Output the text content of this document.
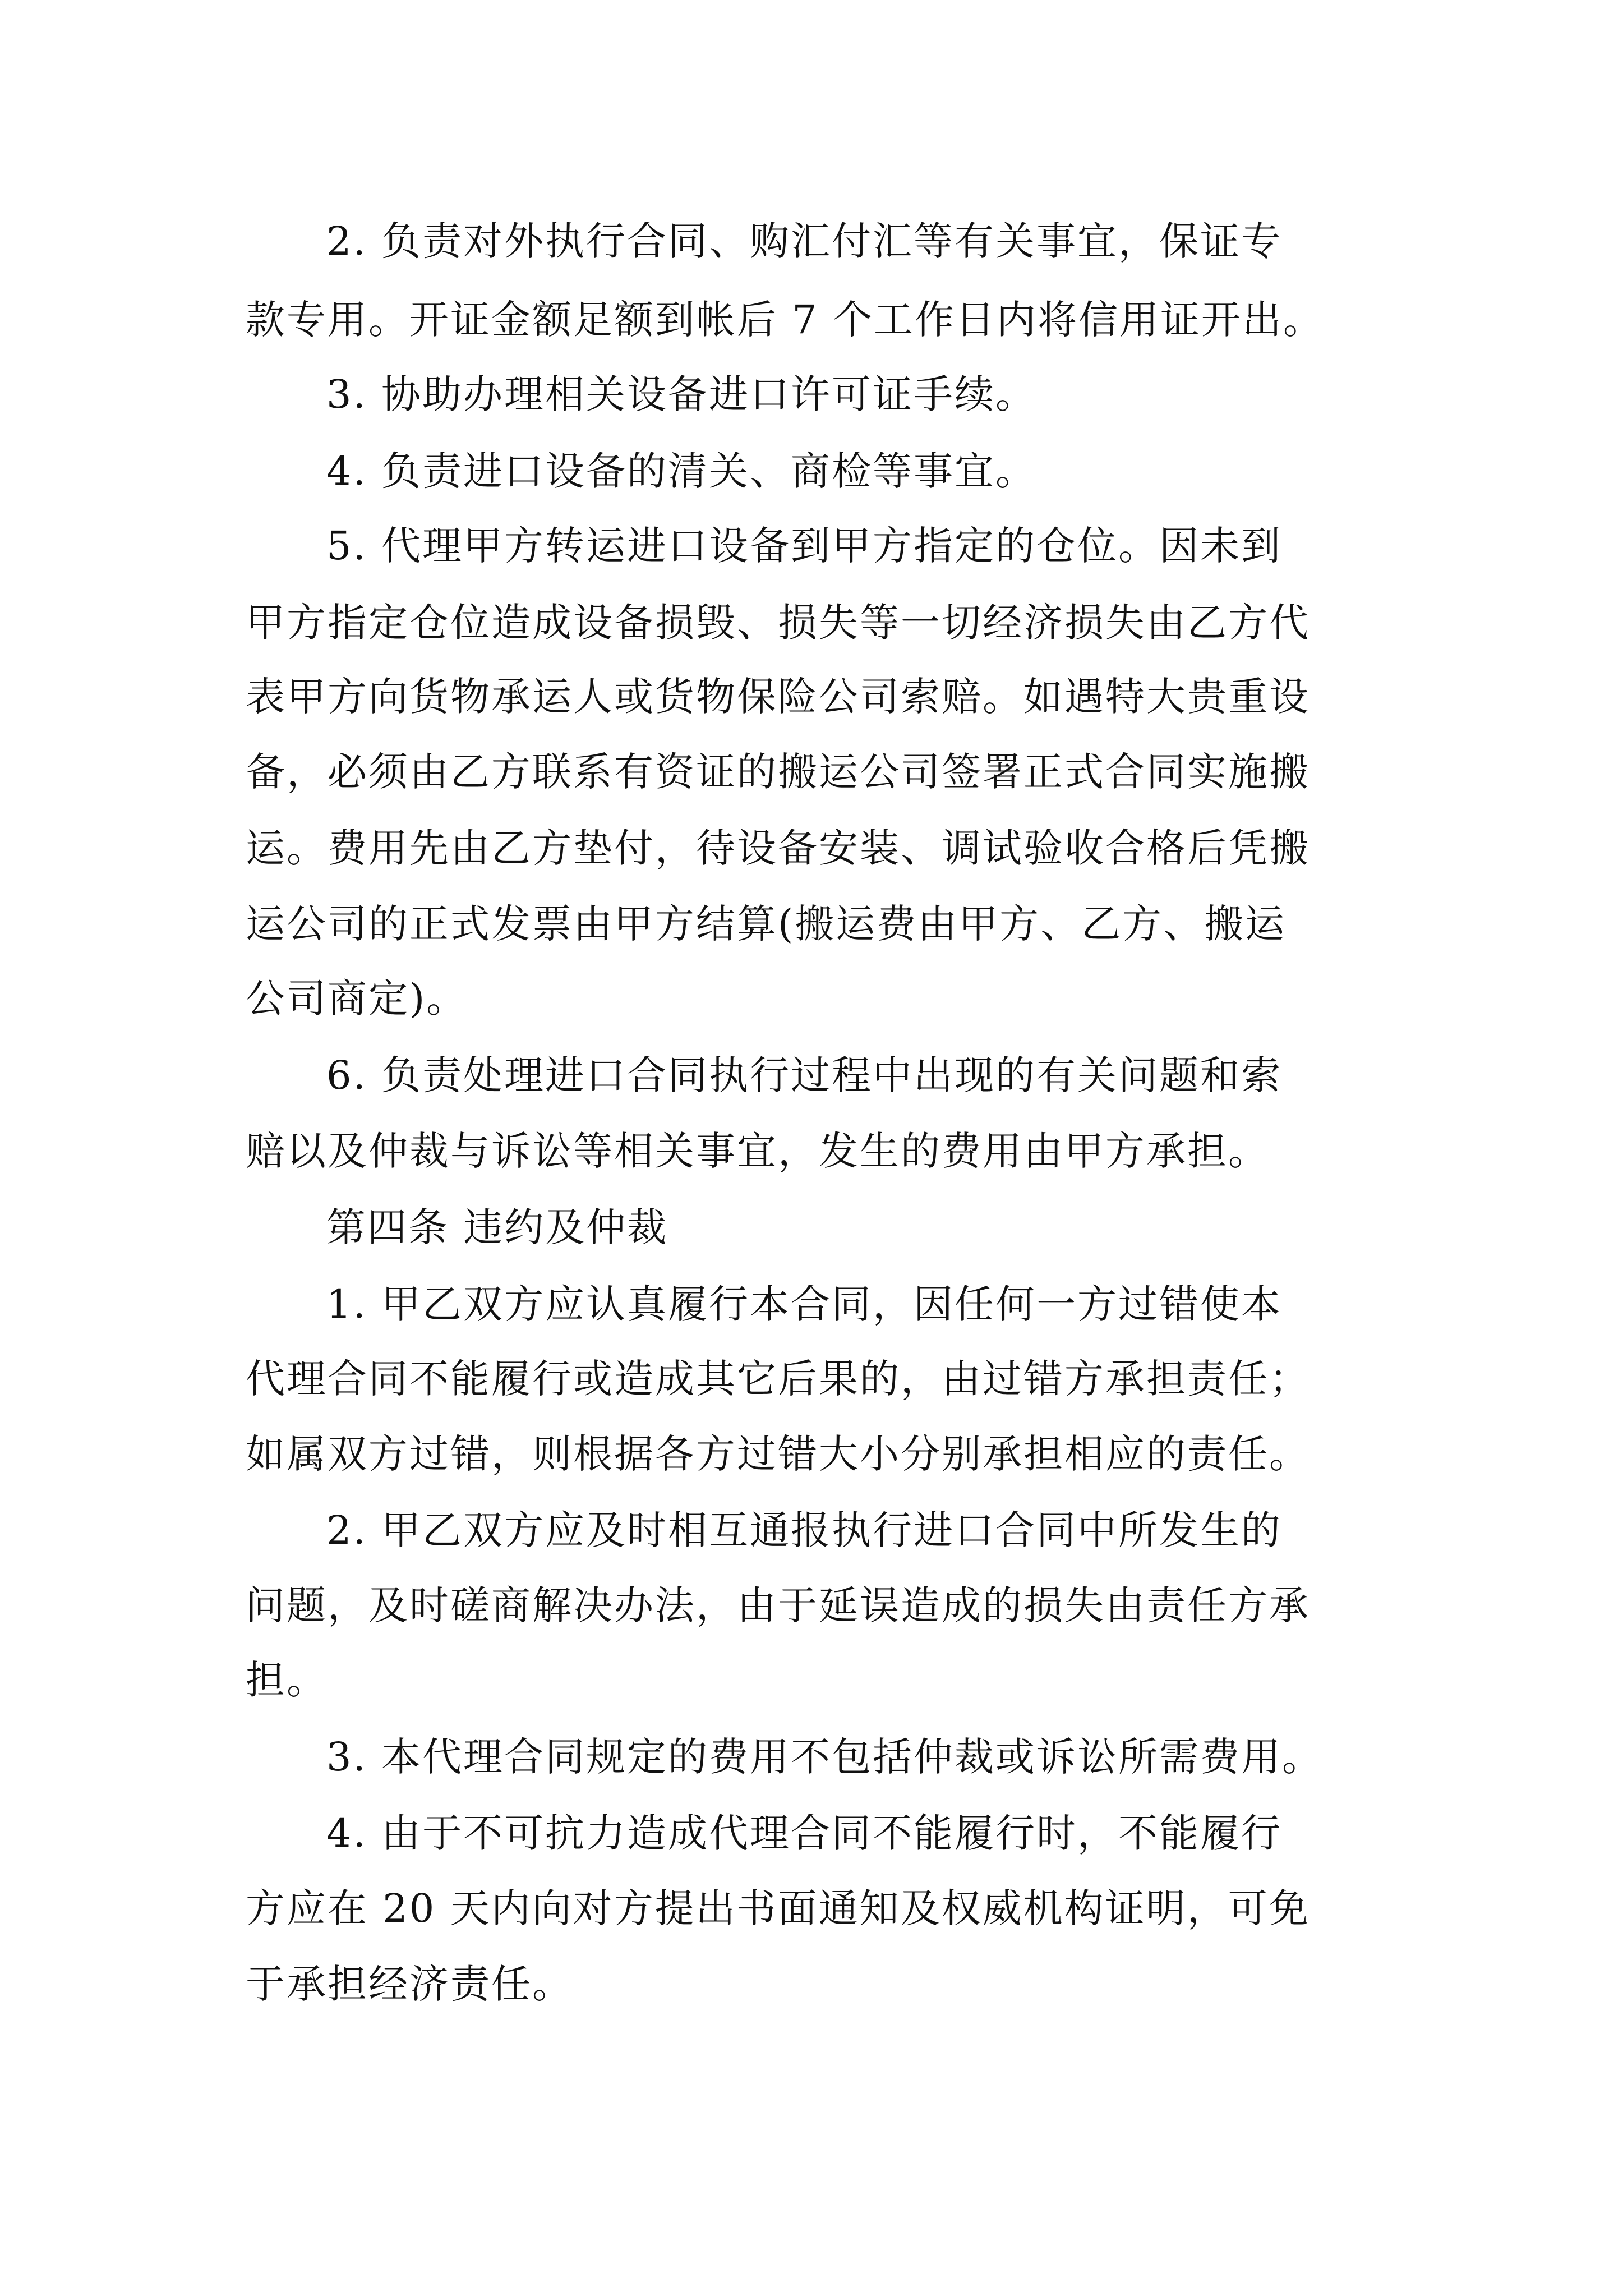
2. 负责对外执行合同、购汇付汇等有关事宜，保证专
款专用。开证金额足额到帐后 7 个工作日内将信用证开出。
3. 协助办理相关设备进口许可证手续。
4. 负责进口设备的清关、商检等事宜。
5. 代理甲方转运进口设备到甲方指定的仓位。因未到
甲方指定仓位造成设备损毁、损失等一切经济损失由乙方代
表甲方向货物承运人或货物保险公司索赔。如遇特大贵重设
备，必须由乙方联系有资证的搬运公司签署正式合同实施搬
运。费用先由乙方垫付，待设备安装、调试验收合格后凭搬
运公司的正式发票由甲方结算(搬运费由甲方、乙方、搬运
公司商定)。
6. 负责处理进口合同执行过程中出现的有关问题和索
赔以及仲裁与诉讼等相关事宜，发生的费用由甲方承担。
第四条 违约及仲裁
1. 甲乙双方应认真履行本合同，因任何一方过错使本
代理合同不能履行或造成其它后果的，由过错方承担责任；
如属双方过错，则根据各方过错大小分别承担相应的责任。
2. 甲乙双方应及时相互通报执行进口合同中所发生的
问题，及时磋商解决办法，由于延误造成的损失由责任方承
担。
3. 本代理合同规定的费用不包括仲裁或诉讼所需费用。
4. 由于不可抗力造成代理合同不能履行时，不能履行
方应在 20 天内向对方提出书面通知及权威机构证明，可免
于承担经济责任。
